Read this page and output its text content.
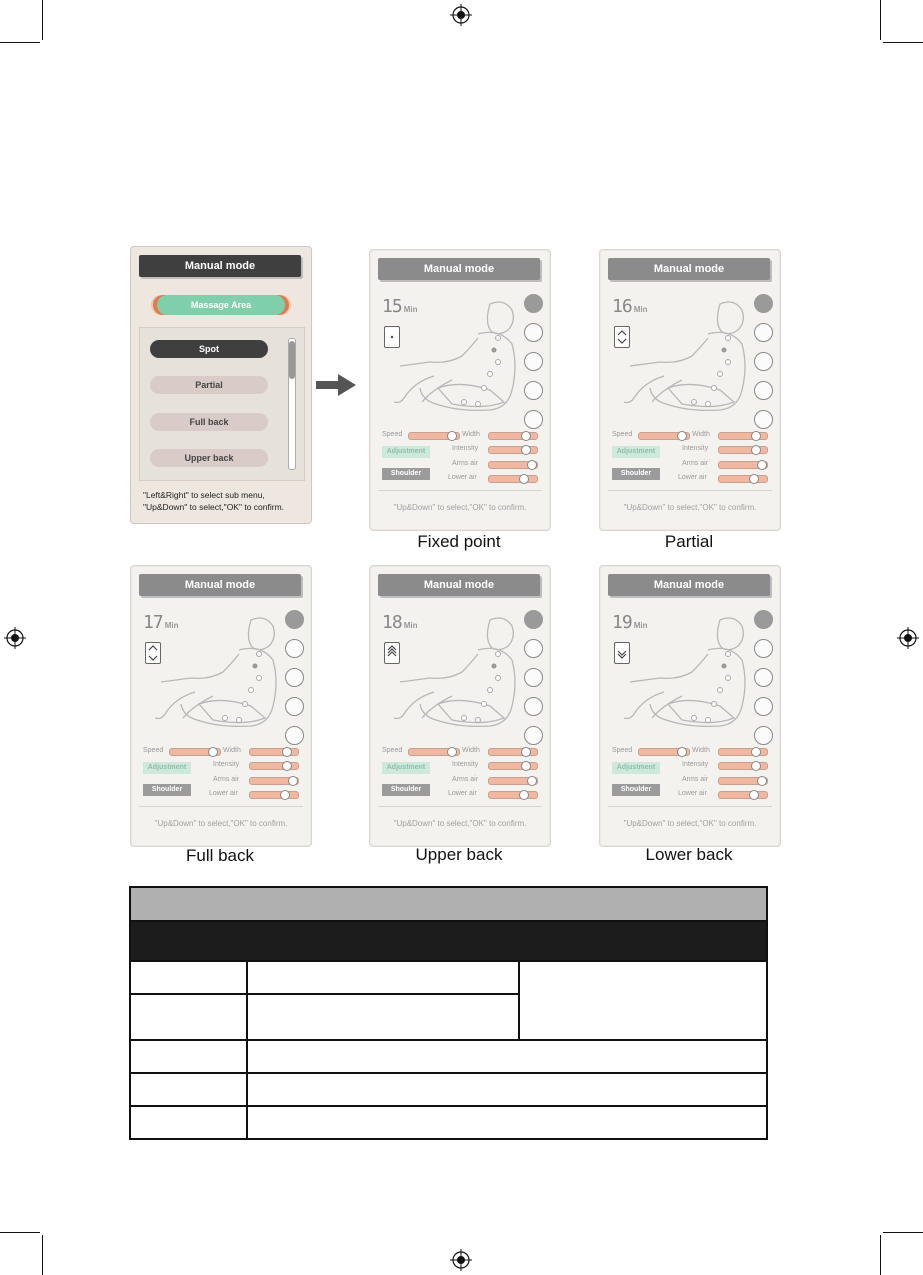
Manual mode
Massage Area
Spot
Partial
Full back
Upper back
"Left&Right" to select sub menu,
"Up&Down" to select,"OK" to confirm.
Manual mode
15 Min
Speed	Width
Intensity
Adjustment
Arms air
Shoulder
Lower air
"Up&Down" to select,"OK" to confirm.
Manual mode
16 Min
Speed	Width
Intensity
Adjustment
Arms air
Shoulder
Lower air
"Up&Down" to select,"OK" to confirm.
Manual mode
17 Min
Speed	Width
Intensity
Adjustment
Arms air
Shoulder
Lower air
"Up&Down" to select,"OK" to confirm.
Manual mode
18 Min
Speed	Width
Intensity
Adjustment
Arms air
Shoulder
Lower air
"Up&Down" to select,"OK" to confirm.
Manual mode
19 Min
Speed	Width
Intensity
Adjustment
Arms air
Shoulder
Lower air
"Up&Down" to select,"OK" to confirm.
Fixed point	Partial
Full back	Upper back	Lower back
